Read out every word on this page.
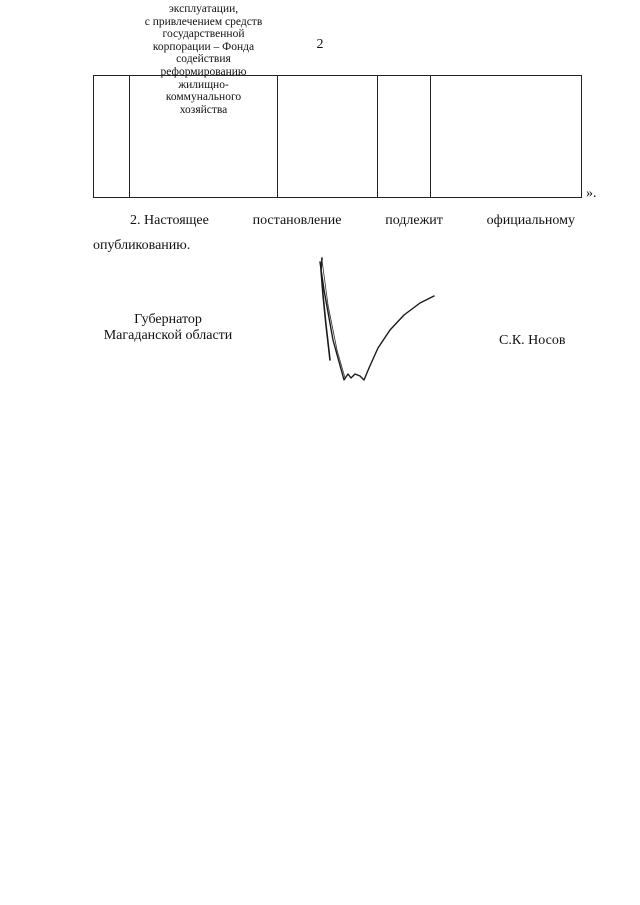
2

эксплуатации,
с привлечением средств
государственной
корпорации – Фонда
содействия
реформированию
жилищно-
коммунального
хозяйства

».
2. Настоящее	постановление	подлежит	официальному
опубликованию.
Губернатор
Магаданской области	С.К. Носов
